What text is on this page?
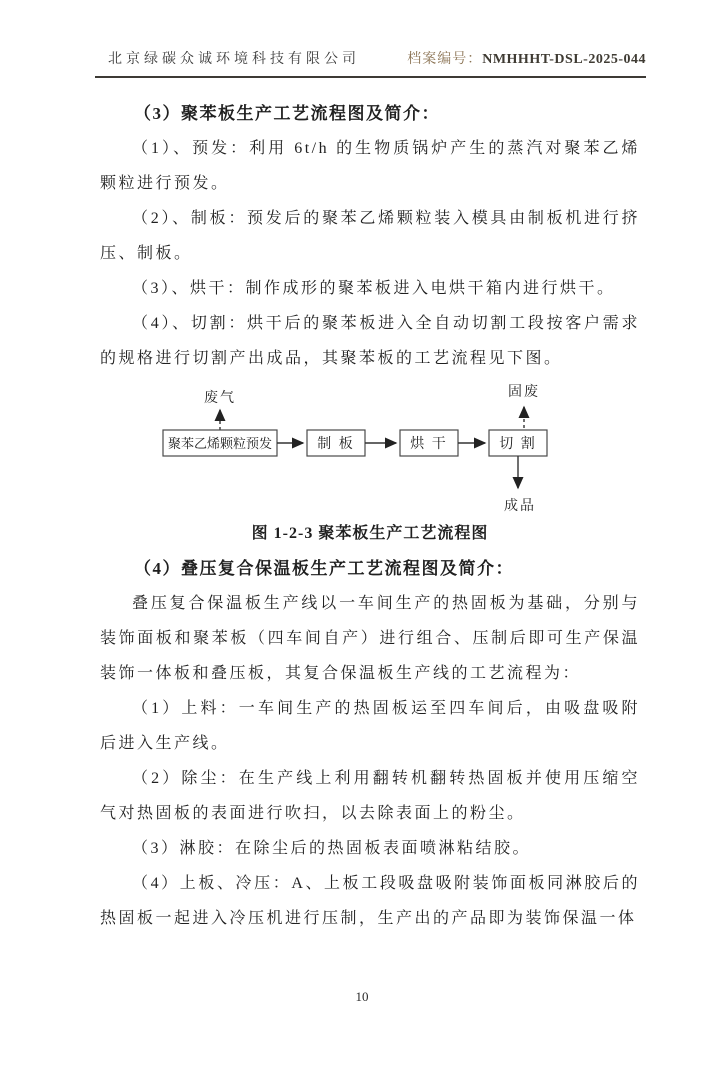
北京绿碳众诚环境科技有限公司	档案编号：NMHHHT-DSL-2025-044

（3）聚苯板生产工艺流程图及简介：

（1）、预发：利用 6t/h 的生物质锅炉产生的蒸汽对聚苯乙烯颗粒进行预发。

（2）、制板：预发后的聚苯乙烯颗粒装入模具由制板机进行挤压、制板。

（3）、烘干：制作成形的聚苯板进入电烘干箱内进行烘干。

（4）、切割：烘干后的聚苯板进入全自动切割工段按客户需求的规格进行切割产出成品，其聚苯板的工艺流程见下图。

废气	固废
聚苯乙烯颗粒预发	制 板	烘 干	切 割
成品

图 1-2-3 聚苯板生产工艺流程图

（4）叠压复合保温板生产工艺流程图及简介：

叠压复合保温板生产线以一车间生产的热固板为基础，分别与装饰面板和聚苯板（四车间自产）进行组合、压制后即可生产保温装饰一体板和叠压板，其复合保温板生产线的工艺流程为：

（1）上料：一车间生产的热固板运至四车间后，由吸盘吸附后进入生产线。

（2）除尘：在生产线上利用翻转机翻转热固板并使用压缩空气对热固板的表面进行吹扫，以去除表面上的粉尘。

（3）淋胶：在除尘后的热固板表面喷淋粘结胶。

（4）上板、冷压：A、上板工段吸盘吸附装饰面板同淋胶后的热固板一起进入冷压机进行压制，生产出的产品即为装饰保温一体

10
